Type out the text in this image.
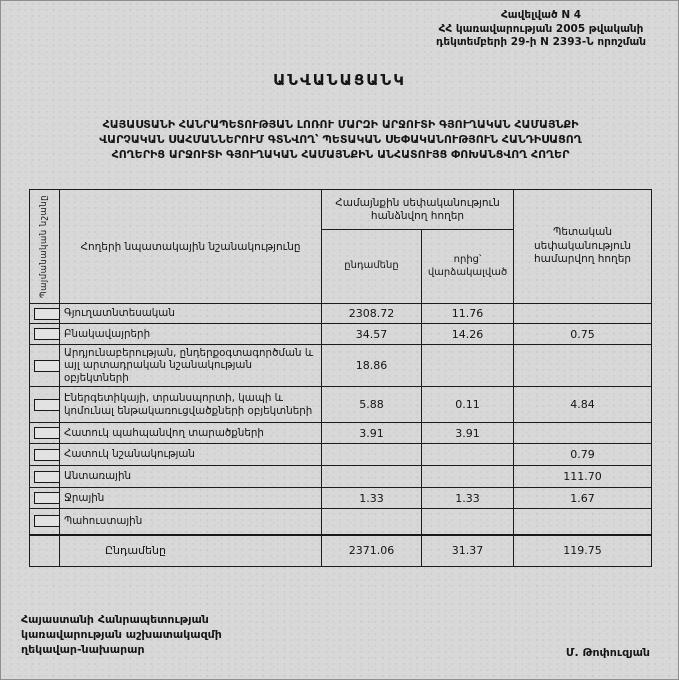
Հավելված N 4
ՀՀ կառավարության 2005 թվականի
դեկտեմբերի 29-ի N 2393-Ն որոշման
ԱՆՎԱՆԱՑԱՆԿ
ՀԱՅԱՍՏԱՆԻ ՀԱՆՐԱՊԵՏՈՒԹՅԱՆ ԼՈՌՈՒ ՄԱՐԶԻ ԱՐՋՈՒՏԻ ԳՅՈՒՂԱԿԱՆ ՀԱՄԱՅՆՔԻ
ՎԱՐՉԱԿԱՆ ՍԱՀՄԱՆՆԵՐՈՒՄ ԳՏՆՎՈՂ՝ ՊԵՏԱԿԱՆ ՍԵՓԱԿԱՆՈՒԹՅՈՒՆ ՀԱՆԴԻՍԱՑՈՂ
ՀՈՂԵՐԻՑ ԱՐՋՈՒՏԻ ԳՅՈՒՂԱԿԱՆ ՀԱՄԱՅՆՔԻՆ ԱՆՀԱՏՈՒՅՑ ՓՈԽԱՆՑՎՈՂ ՀՈՂԵՐ
Պայմանական նշանը	Հողերի նպատակային նշանակությունը	Համայնքին սեփականություն հանձնվող հողեր		Պետական սեփականություն համարվող հողեր
		ընդամենը	որից՝ վարձակալված	

	Գյուղատնտեսական	2308.72	11.76	

	Բնակավայրերի	34.57	14.26	0.75

	Արդյունաբերության, ընդերքօգտագործման և այլ արտադրական նշանակության օբյեկտների	18.86		

	Էներգետիկայի, տրանսպորտի, կապի և կոմունալ ենթակառուցվածքների օբյեկտների	5.88	0.11	4.84

	Հատուկ պահպանվող տարածքների	3.91	3.91	

	Հատուկ նշանակության			0.79

	Անտառային			111.70

	Ջրային	1.33	1.33	1.67

	Պահուստային			
	Ընդամենը	2371.06	31.37	119.75
Հայաստանի Հանրապետության
կառավարության աշխատակազմի
ղեկավար-նախարար	Մ. Թոփուզյան
